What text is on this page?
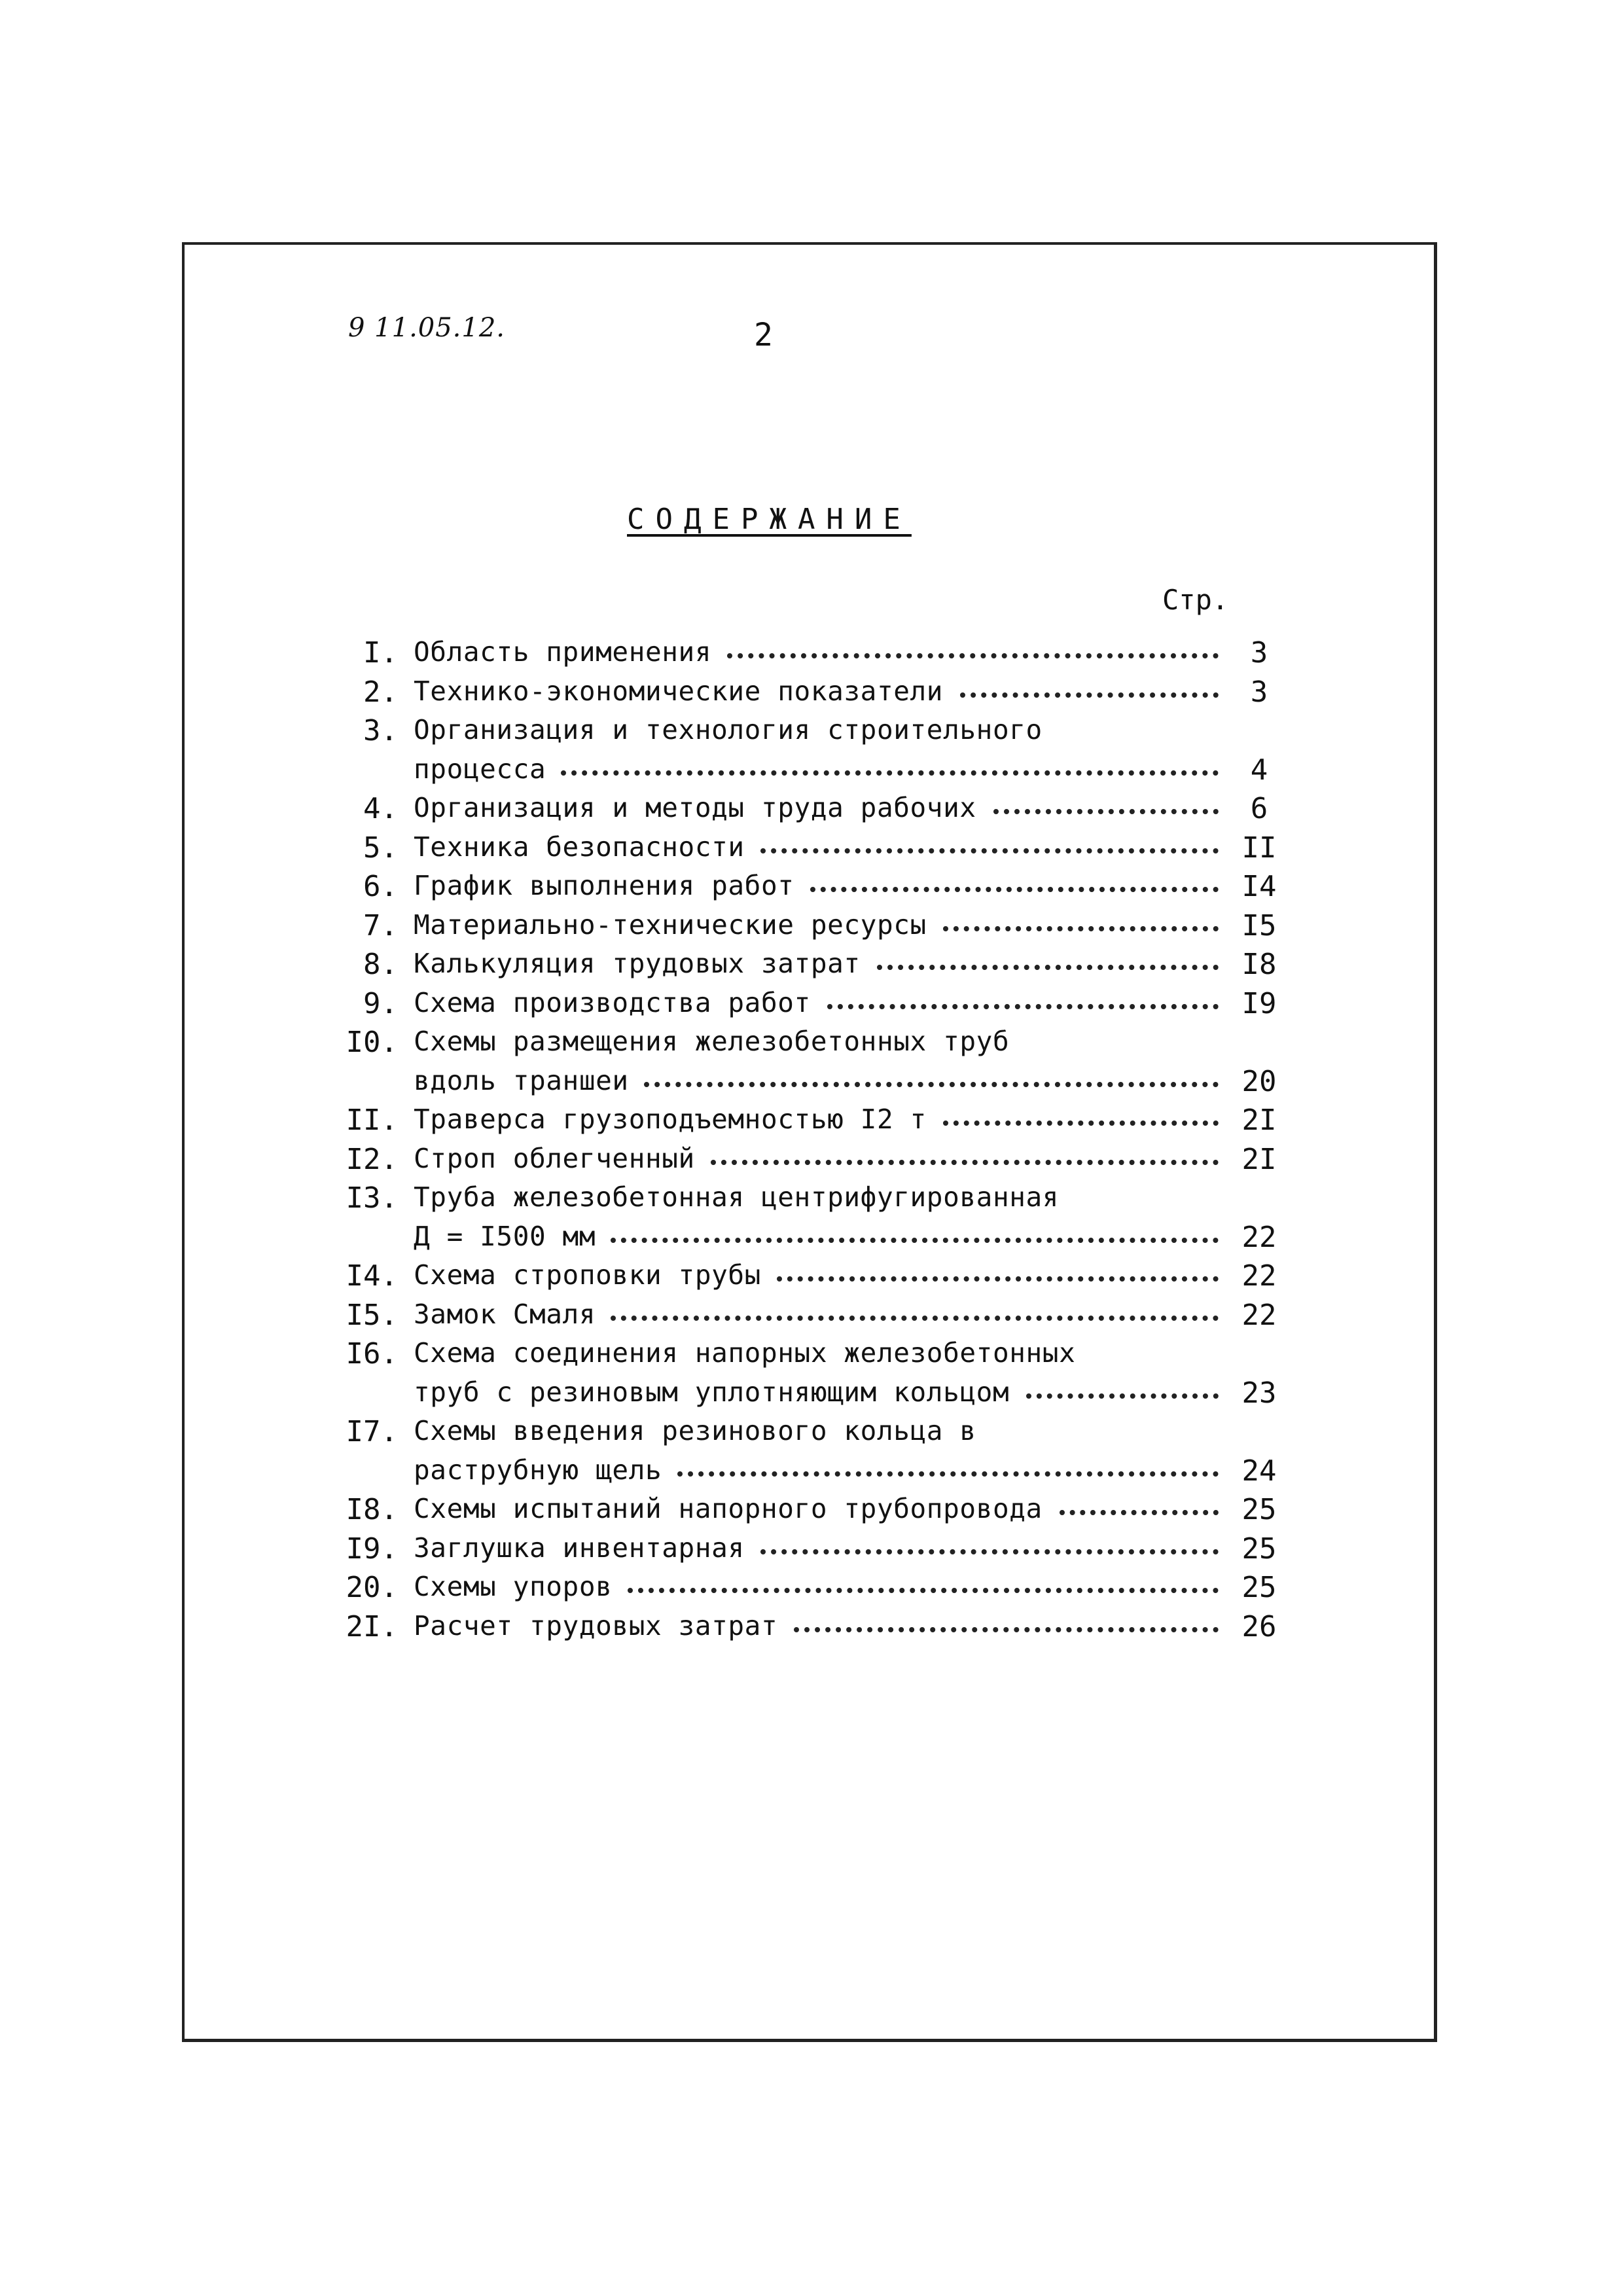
9 11.05.12.	2
СОДЕРЖАНИЕ
Стр.
I. Область применения	3
2. Технико-экономические показатели	3
3. Организация и технология строительного
процесса	4
4. Организация и методы труда рабочих	6
5. Техника безопасности	II
6. График выполнения работ	I4
7. Материально-технические ресурсы	I5
8. Калькуляция трудовых затрат	I8
9. Схема производства работ	I9
I0. Схемы размещения железобетонных труб
вдоль траншеи	20
II. Траверса грузоподъемностью I2 т	2I
I2. Строп облегченный	2I
I3. Труба железобетонная центрифугированная
Д = I500 мм	22
I4. Схема строповки трубы	22
I5. Замок Смаля	22
I6. Схема соединения напорных железобетонных
труб с резиновым уплотняющим кольцом	23
I7. Схемы введения резинового кольца в
раструбную щель	24
I8. Схемы испытаний напорного трубопровода	25
I9. Заглушка инвентарная	25
20. Схемы упоров	25
2I. Расчет трудовых затрат	26
